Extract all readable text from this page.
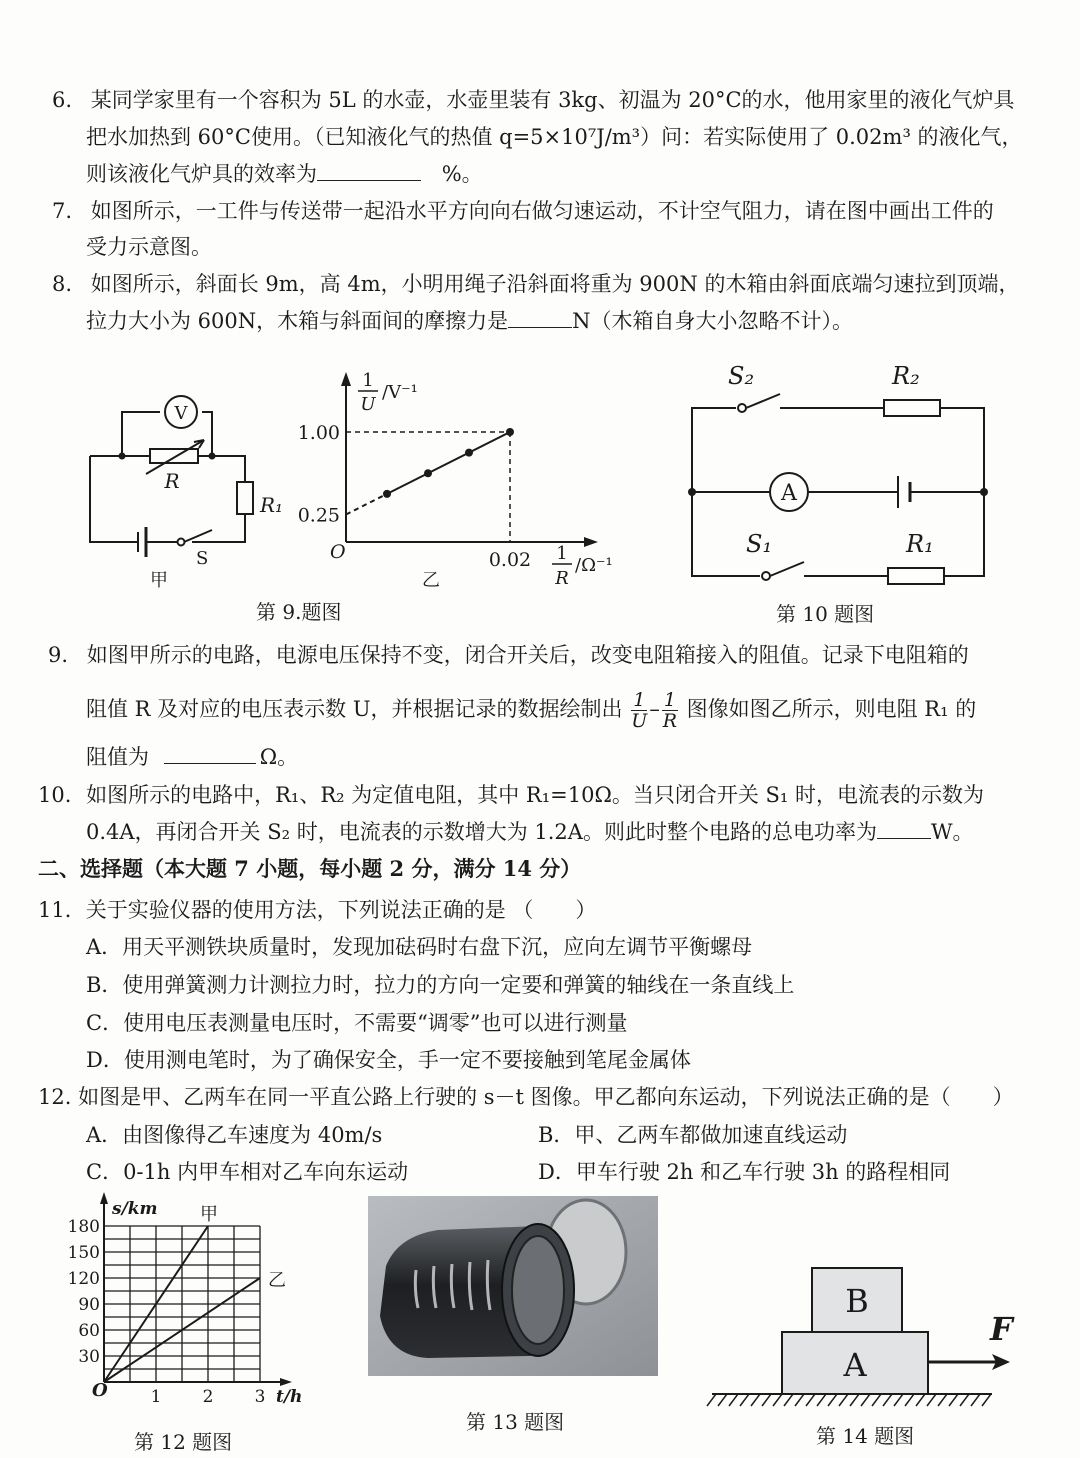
6. 某同学家里有一个容积为 5L 的水壶，水壶里装有 3kg、初温为 20°C的水，他用家里的液化气炉具
把水加热到 60°C使用。（已知液化气的热值 q=5×10⁷J/m³）问：若实际使用了 0.02m³ 的液化气，
则该液化气炉具的效率为	%。
7. 如图所示，一工件与传送带一起沿水平方向向右做匀速运动，不计空气阻力，请在图中画出工件的
受力示意图。
8. 如图所示，斜面长 9m，高 4m，小明用绳子沿斜面将重为 900N 的木箱由斜面底端匀速拉到顶端，
拉力大小为 600N，木箱与斜面间的摩擦力是	N（木箱自身大小忽略不计）。
V
R
R₁
S
甲
1.00
0.25
0.02
1
U
/V⁻¹
1
R
/Ω⁻¹
O
乙
第 9.题图
A
S₂	R₂
S₁	R₁
第 10 题图
9. 如图甲所示的电路，电源电压保持不变，闭合开关后，改变电阻箱接入的阻值。记录下电阻箱的
阻值 R 及对应的电压表示数 U，并根据记录的数据绘制出 $\frac{1}{U} - \frac{1}{R}$ 图像如图乙所示，则电阻 R₁ 的
阻值为	Ω。
10. 如图所示的电路中，R₁、R₂ 为定值电阻，其中 R₁=10Ω。当只闭合开关 S₁ 时，电流表的示数为
0.4A，再闭合开关 S₂ 时，电流表的示数增大为 1.2A。则此时整个电路的总电功率为	W。
二、选择题（本大题 7 小题，每小题 2 分，满分 14 分）
11．关于实验仪器的使用方法，下列说法正确的是 （　　）
A．用天平测铁块质量时，发现加砝码时右盘下沉，应向左调节平衡螺母
B．使用弹簧测力计测拉力时，拉力的方向一定要和弹簧的轴线在一条直线上
C．使用电压表测量电压时，不需要“调零”也可以进行测量
D．使用测电笔时，为了确保安全，手一定不要接触到笔尾金属体
12. 如图是甲、乙两车在同一平直公路上行驶的 s－t 图像。甲乙都向东运动，下列说法正确的是（　　）
A．由图像得乙车速度为 40m/s	B．甲、乙两车都做加速直线运动
C．0-1h 内甲车相对乙车向东运动	D．甲车行驶 2h 和乙车行驶 3h 的路程相同
30
60
90
120
150
180
1 2 3
s/km
t/h
O
甲
乙
第 12 题图
第 13 题图
B
A
F
第 14 题图
